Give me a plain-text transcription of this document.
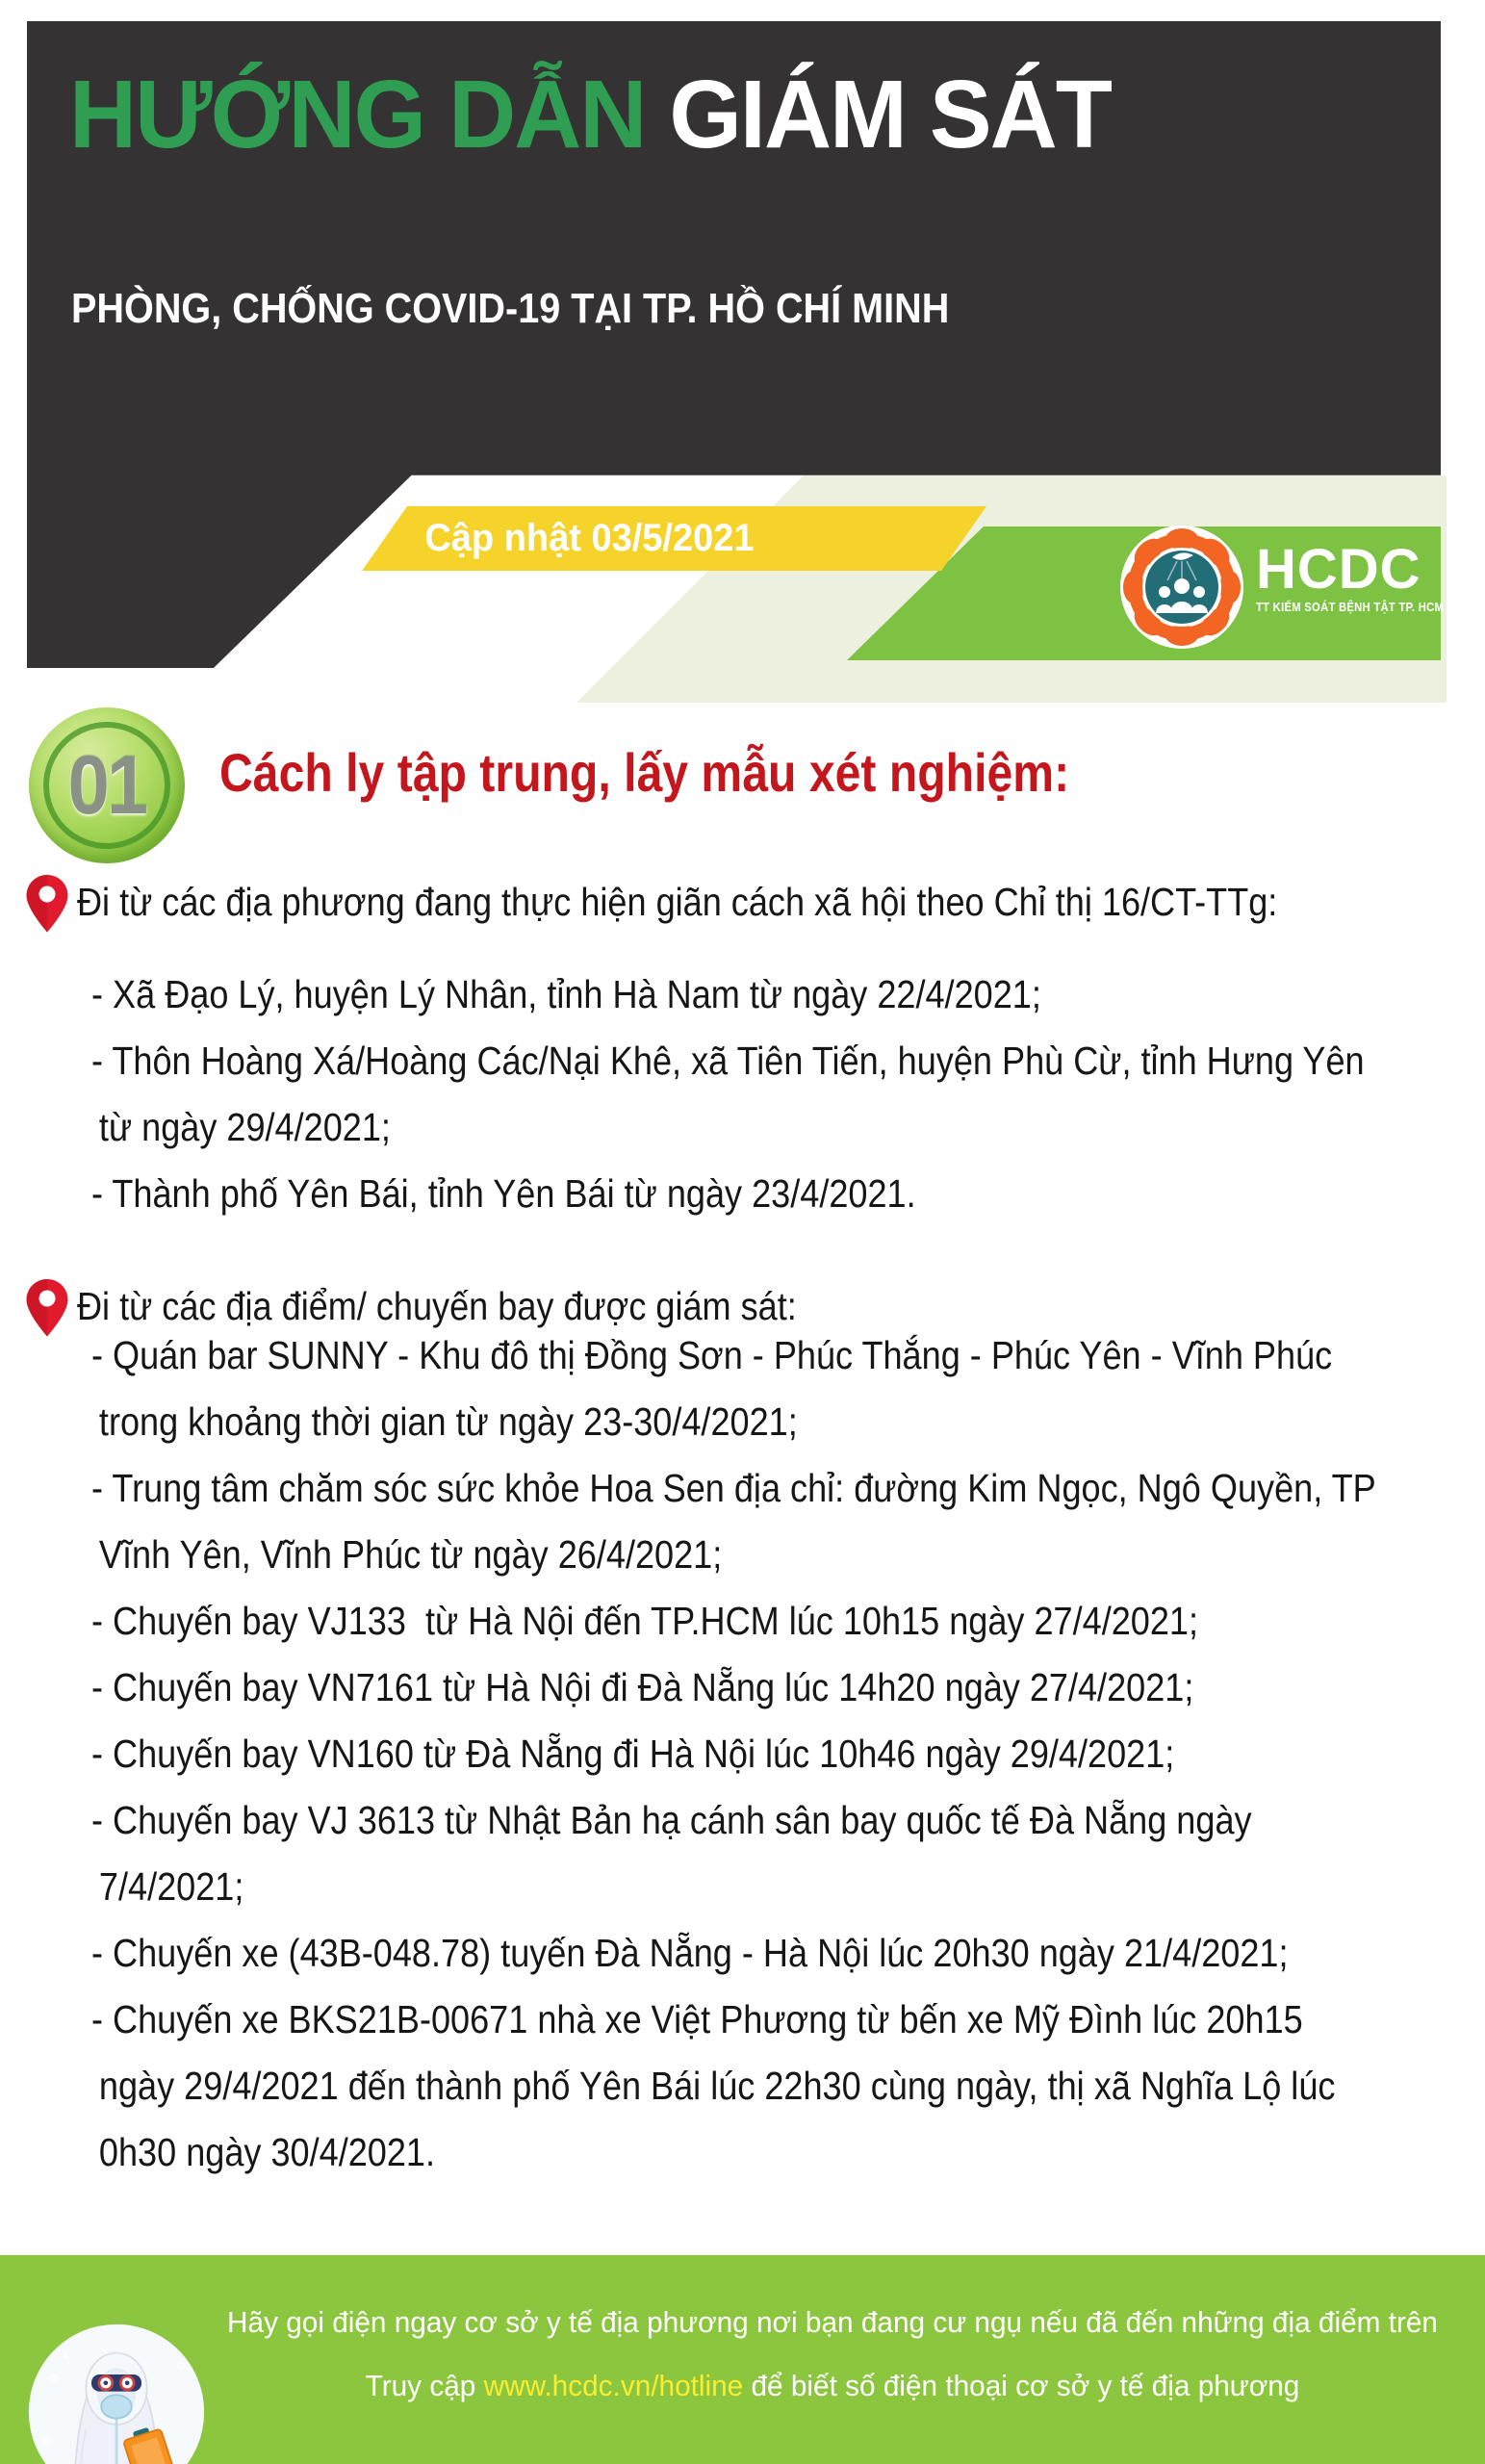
HƯỚNG DẪN GIÁM SÁT
PHÒNG, CHỐNG COVID-19 TẠI TP. HỒ CHÍ MINH
Cập nhật 03/5/2021	HCDC
TT KIỂM SOÁT BỆNH TẬT TP. HCM
01	Cách ly tập trung, lấy mẫu xét nghiệm:
Đi từ các địa phương đang thực hiện giãn cách xã hội theo Chỉ thị 16/CT-TTg:
- Xã Đạo Lý, huyện Lý Nhân, tỉnh Hà Nam từ ngày 22/4/2021;
- Thôn Hoàng Xá/Hoàng Các/Nại Khê, xã Tiên Tiến, huyện Phù Cừ, tỉnh Hưng Yên
từ ngày 29/4/2021;
- Thành phố Yên Bái, tỉnh Yên Bái từ ngày 23/4/2021.
Đi từ các địa điểm/ chuyến bay được giám sát:
- Quán bar SUNNY - Khu đô thị Đồng Sơn - Phúc Thắng - Phúc Yên - Vĩnh Phúc
trong khoảng thời gian từ ngày 23-30/4/2021;
- Trung tâm chăm sóc sức khỏe Hoa Sen địa chỉ: đường Kim Ngọc, Ngô Quyền, TP
Vĩnh Yên, Vĩnh Phúc từ ngày 26/4/2021;
- Chuyến bay VJ133  từ Hà Nội đến TP.HCM lúc 10h15 ngày 27/4/2021;
- Chuyến bay VN7161 từ Hà Nội đi Đà Nẵng lúc 14h20 ngày 27/4/2021;
- Chuyến bay VN160 từ Đà Nẵng đi Hà Nội lúc 10h46 ngày 29/4/2021;
- Chuyến bay VJ 3613 từ Nhật Bản hạ cánh sân bay quốc tế Đà Nẵng ngày
7/4/2021;
- Chuyến xe (43B-048.78) tuyến Đà Nẵng - Hà Nội lúc 20h30 ngày 21/4/2021;
- Chuyến xe BKS21B-00671 nhà xe Việt Phương từ bến xe Mỹ Đình lúc 20h15
ngày 29/4/2021 đến thành phố Yên Bái lúc 22h30 cùng ngày, thị xã Nghĩa Lộ lúc
0h30 ngày 30/4/2021.
Hãy gọi điện ngay cơ sở y tế địa phương nơi bạn đang cư ngụ nếu đã đến những địa điểm trên
Truy cập www.hcdc.vn/hotline để biết số điện thoại cơ sở y tế địa phương
